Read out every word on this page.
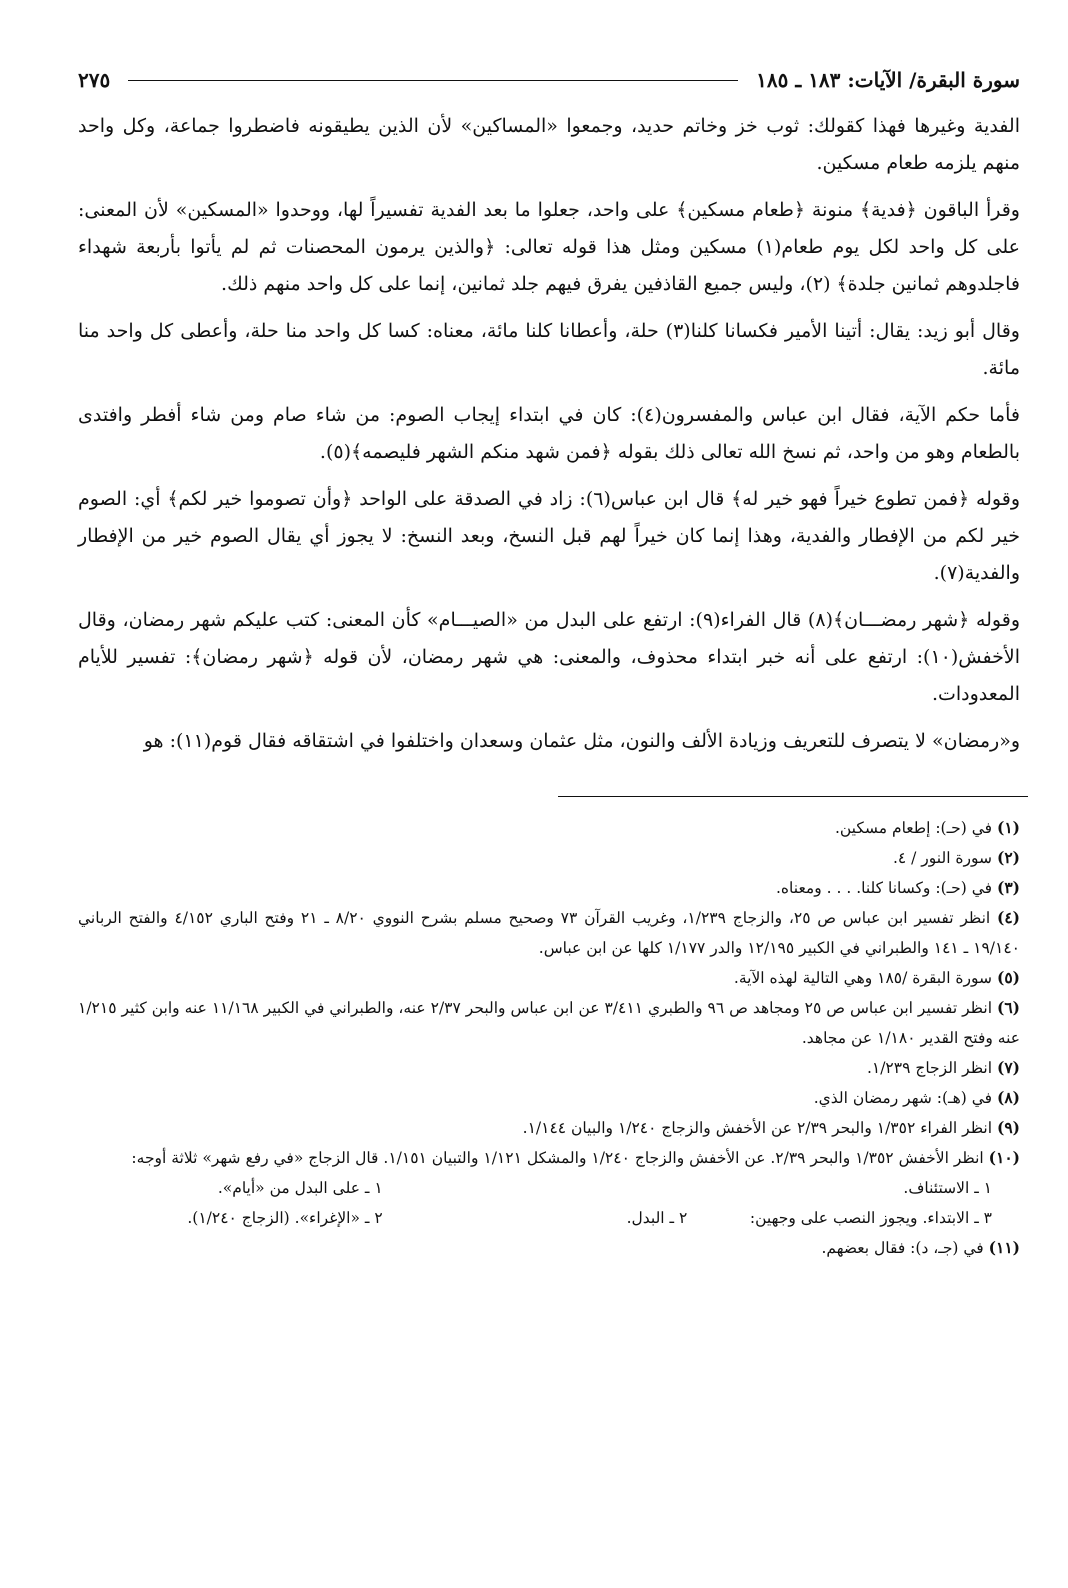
سورة البقرة/ الآيات: ١٨٣ ـ ١٨٥
٢٧٥

الفدية وغيرها فهذا كقولك: ثوب خز وخاتم حديد، وجمعوا «المساكين» لأن الذين يطيقونه فاضطروا جماعة، وكل واحد منهم يلزمه طعام مسكين.

وقرأ الباقون ﴿فدية﴾ منونة ﴿طعام مسكين﴾ على واحد، جعلوا ما بعد الفدية تفسيراً لها، ووحدوا «المسكين» لأن المعنى: على كل واحد لكل يوم طعام(١) مسكين ومثل هذا قوله تعالى: ﴿والذين يرمون المحصنات ثم لم يأتوا بأربعة شهداء فاجلدوهم ثمانين جلدة﴾ (٢)، وليس جميع القاذفين يفرق فيهم جلد ثمانين، إنما على كل واحد منهم ذلك.

وقال أبو زيد: يقال: أتينا الأمير فكسانا كلنا(٣) حلة، وأعطانا كلنا مائة، معناه: كسا كل واحد منا حلة، وأعطى كل واحد منا مائة.

فأما حكم الآية، فقال ابن عباس والمفسرون(٤): كان في ابتداء إيجاب الصوم: من شاء صام ومن شاء أفطر وافتدى بالطعام وهو من واحد، ثم نسخ الله تعالى ذلك بقوله ﴿فمن شهد منكم الشهر فليصمه﴾(٥).

وقوله ﴿فمن تطوع خيراً فهو خير له﴾ قال ابن عباس(٦): زاد في الصدقة على الواحد ﴿وأن تصوموا خير لكم﴾ أي: الصوم خير لكم من الإفطار والفدية، وهذا إنما كان خيراً لهم قبل النسخ، وبعد النسخ: لا يجوز أي يقال الصوم خير من الإفطار والفدية(٧).

وقوله ﴿شهر رمضـــان﴾(٨) قال الفراء(٩): ارتفع على البدل من «الصيـــام» كأن المعنى: كتب عليكم شهر رمضان، وقال الأخفش(١٠): ارتفع على أنه خبر ابتداء محذوف، والمعنى: هي شهر رمضان، لأن قوله ﴿شهر رمضان﴾: تفسير للأيام المعدودات.

و«رمضان» لا يتصرف للتعريف وزيادة الألف والنون، مثل عثمان وسعدان واختلفوا في اشتقاقه فقال قوم(١١): هو

(١) في (حـ): إطعام مسكين.

(٢) سورة النور / ٤.

(٣) في (حـ): وكسانا كلنا. . . . ومعناه.

(٤) انظر تفسير ابن عباس ص ٢٥، والزجاج ١/٢٣٩، وغريب القرآن ٧٣ وصحيح مسلم بشرح النووي ٨/٢٠ ـ ٢١ وفتح الباري ٤/١٥٢ والفتح الرباني ١٩/١٤٠ ـ ١٤١ والطبراني في الكبير ١٢/١٩٥ والدر ١/١٧٧ كلها عن ابن عباس.

(٥) سورة البقرة /١٨٥ وهي التالية لهذه الآية.

(٦) انظر تفسير ابن عباس ص ٢٥ ومجاهد ص ٩٦ والطبري ٣/٤١١ عن ابن عباس والبحر ٢/٣٧ عنه، والطبراني في الكبير ١١/١٦٨ عنه وابن كثير ١/٢١٥ عنه وفتح القدير ١/١٨٠ عن مجاهد.

(٧) انظر الزجاج ١/٢٣٩.

(٨) في (هـ): شهر رمضان الذي.

(٩) انظر الفراء ١/٣٥٢ والبحر ٢/٣٩ عن الأخفش والزجاج ١/٢٤٠ والبيان ١/١٤٤.

(١٠) انظر الأخفش ١/٣٥٢ والبحر ٢/٣٩. عن الأخفش والزجاج ١/٢٤٠ والمشكل ١/١٢١ والتبيان ١/١٥١. قال الزجاج «في رفع شهر» ثلاثة أوجه:

١ ـ الاستئناف.
١ ـ على البدل من «أيام».
٢ ـ البدل.	٣ ـ الابتداء. ويجوز النصب على وجهين:
٢ ـ «الإغراء». (الزجاج ١/٢٤٠).

(١١) في (جـ، د): فقال بعضهم.
